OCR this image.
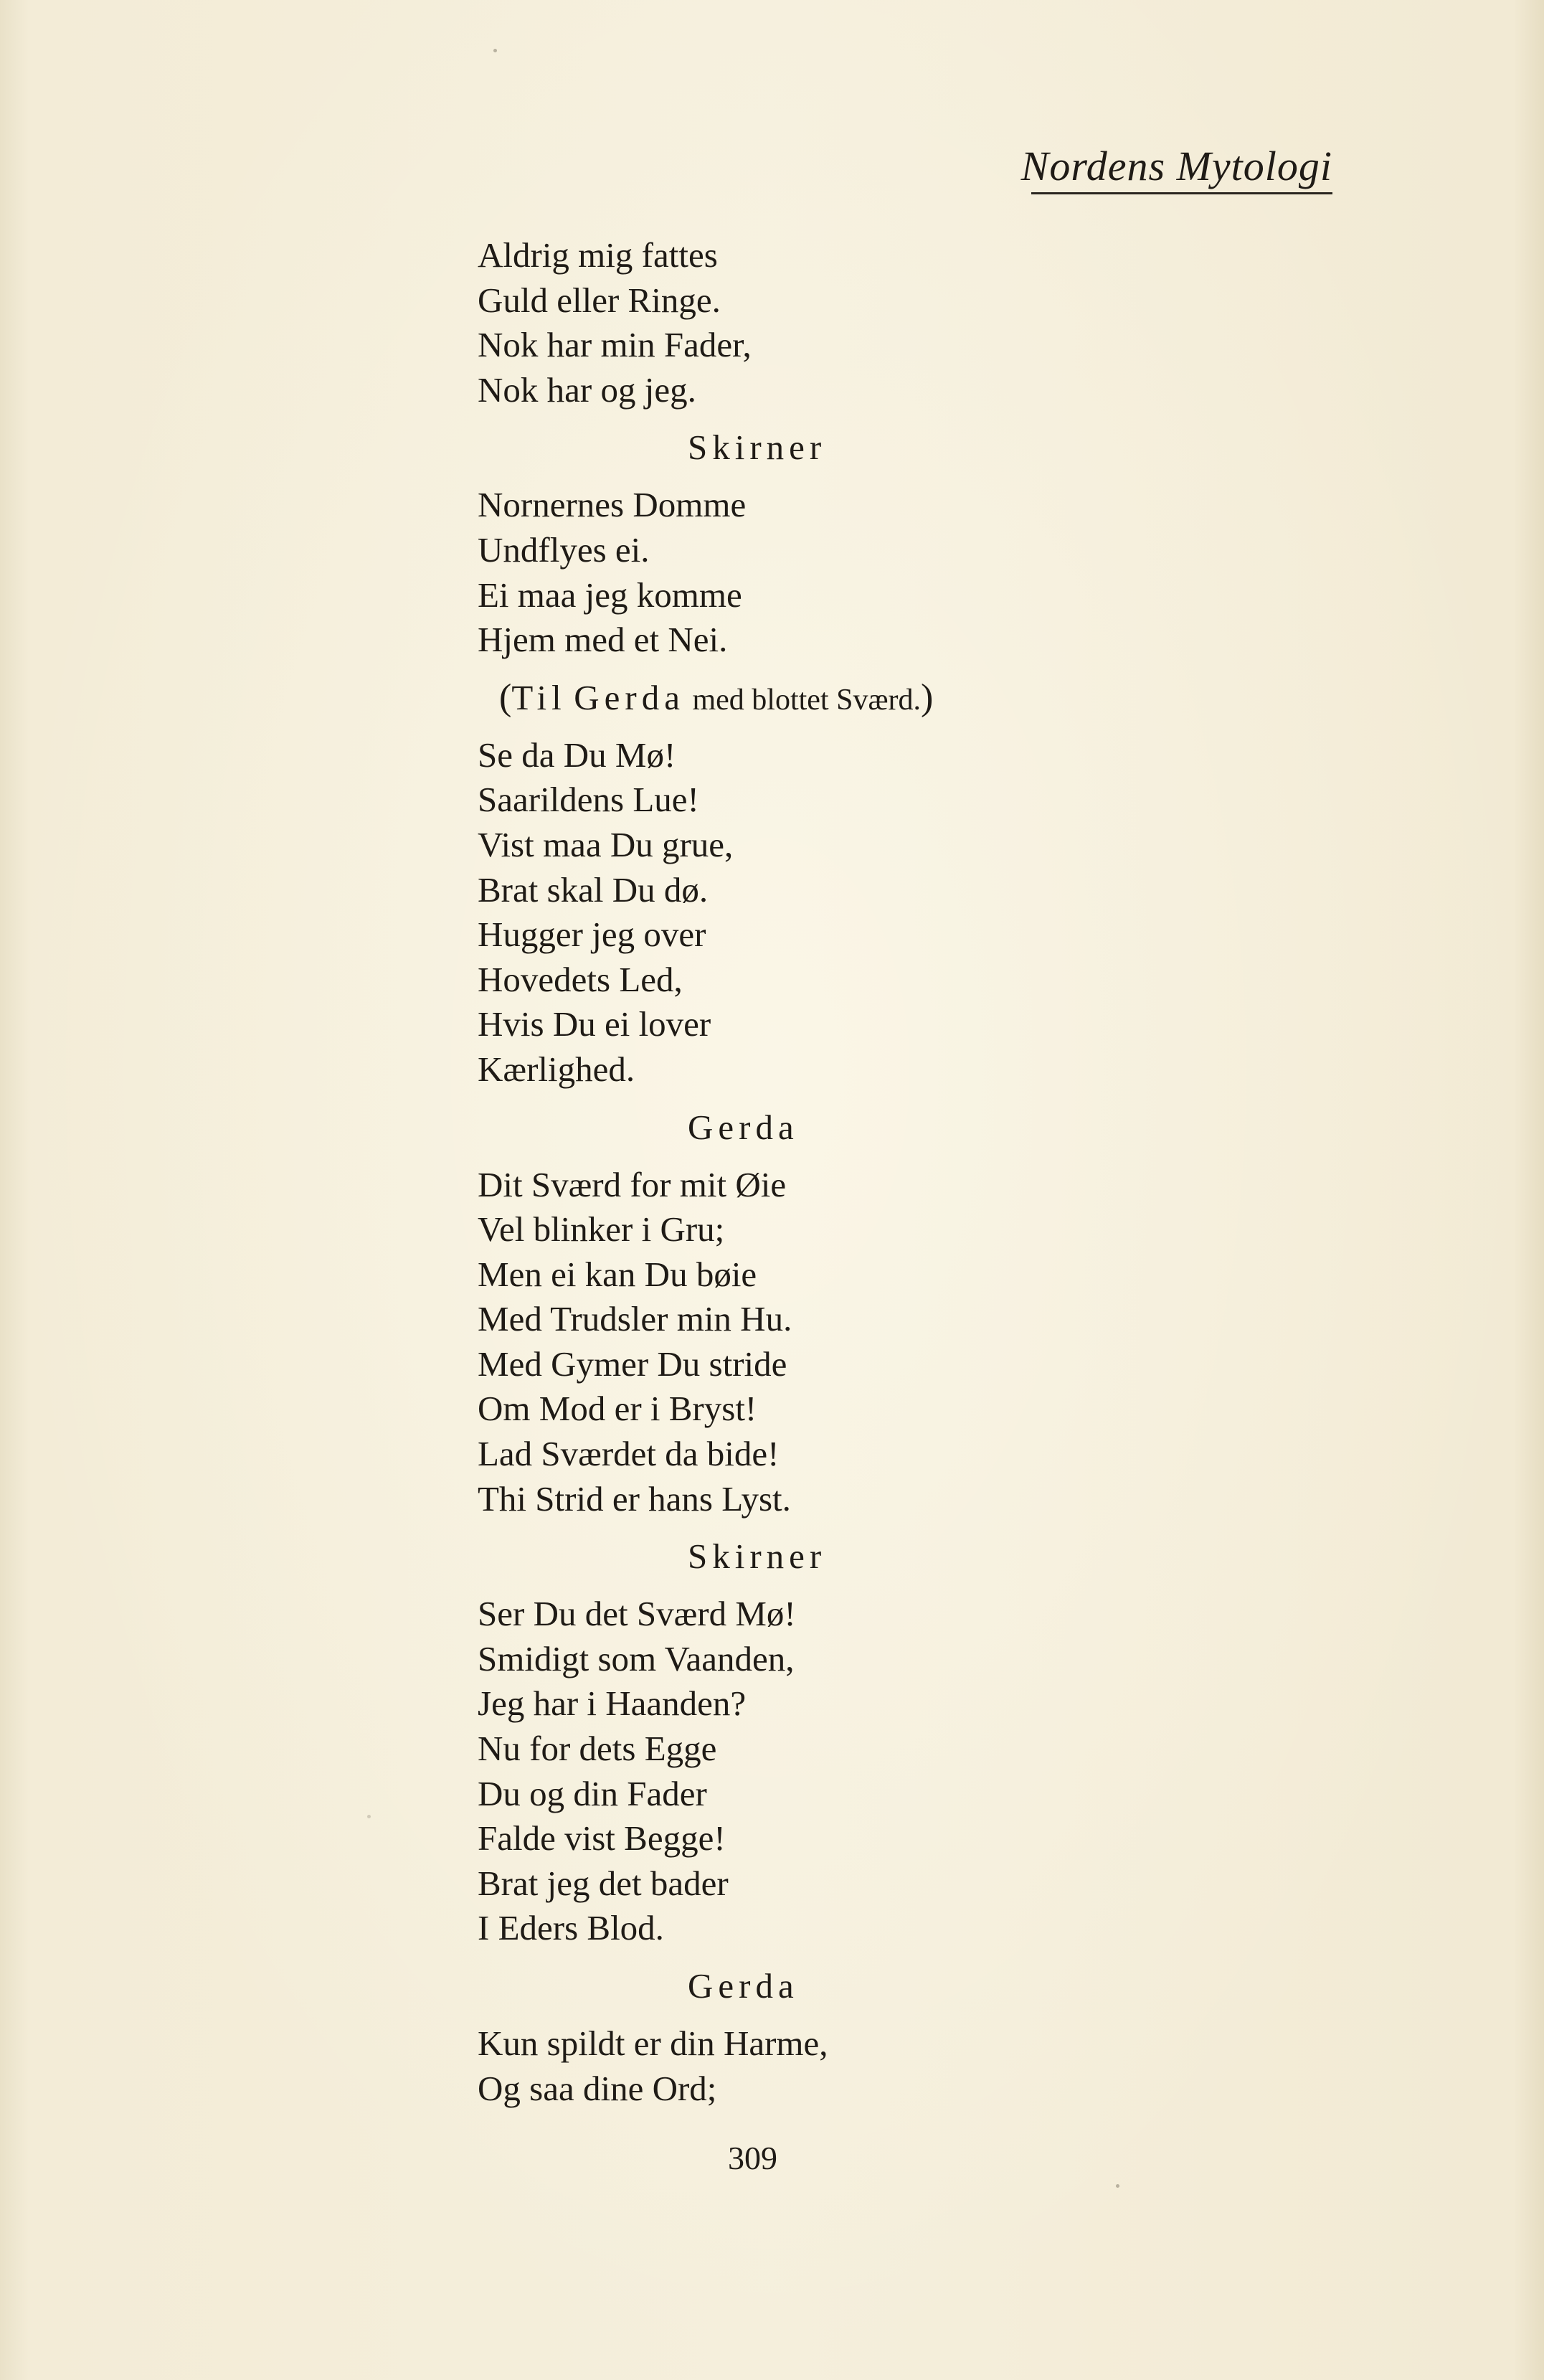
Nordens Mytologi
Aldrig mig fattes
Guld eller Ringe.
Nok har min Fader,
Nok har og jeg.
Skirner
Nornernes Domme
Undflyes ei.
Ei maa jeg komme
Hjem med et Nei.
(Til Gerda med blottet Sværd.)
Se da Du Mø!
Saarildens Lue!
Vist maa Du grue,
Brat skal Du dø.
Hugger jeg over
Hovedets Led,
Hvis Du ei lover
Kærlighed.
Gerda
Dit Sværd for mit Øie
Vel blinker i Gru;
Men ei kan Du bøie
Med Trudsler min Hu.
Med Gymer Du stride
Om Mod er i Bryst!
Lad Sværdet da bide!
Thi Strid er hans Lyst.
Skirner
Ser Du det Sværd Mø!
Smidigt som Vaanden,
Jeg har i Haanden?
Nu for dets Egge
Du og din Fader
Falde vist Begge!
Brat jeg det bader
I Eders Blod.
Gerda
Kun spildt er din Harme,
Og saa dine Ord;
309
